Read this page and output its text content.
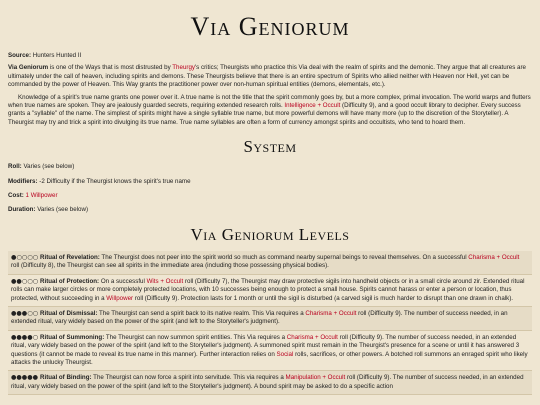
Via Geniorum

Source: Hunters Hunted II

Via Geniorum is one of the Ways that is most distrusted by Theurgy's critics; Theurgists who practice this Via deal with the realm of spirits and the demonic. They argue that all creatures are ultimately under the call of heaven, including spirits and demons. These Theurgists believe that there is an entire spectrum of Spirits who allied neither with Heaven nor Hell, yet can be commanded by the power of Heaven. This Way grants the practitioner power over non-human spiritual entities (demons, elementals, etc.).

Knowledge of a spirit's true name grants one power over it. A true name is not the title that the spirit commonly goes by, but a more complex, primal invocation. The world warps and flutters when true names are spoken. They are jealously guarded secrets, requiring extended research rolls. Intelligence + Occult (Difficulty 9), and a good occult library to decipher. Every success grants a "syllable" of the name. The simplest of spirits might have a single syllable true name, but more powerful demons will have many more (up to the discretion of the Storyteller). A Theurgist may try and trick a spirit into divulging its true name. True name syllables are often a form of currency amongst spirits and occultists, who tend to hoard them.

System

Roll: Varies (see below)

Modifiers: -2 Difficulty if the Theurgist knows the spirit's true name

Cost: 1 Willpower

Duration: Varies (see below)

Via Geniorum Levels
●○○○○ Ritual of Revelation: The Theurgist does not peer into the spirit world so much as command nearby supernal beings to reveal themselves. On a successful Charisma + Occult roll (Difficulty 8), the Theurgist can see all spirits in the immediate area (including those possessing physical bodies).
●●○○○ Ritual of Protection: On a successful Wits + Occult roll (Difficulty 7), the Theurgist may draw protective sigils into handheld objects or in a small circle around zir. Extended ritual rolls can make larger circles or more completely protected locations, with 10 successes being enough to protect a small house. Spirits cannot harass or enter a person or location, thus protected, without succeeding in a Willpower roll (Difficulty 9). Protection lasts for 1 month or until the sigil is disturbed (a carved sigil is much harder to disrupt than one drawn in chalk).
●●●○○ Ritual of Dismissal: The Theurgist can send a spirit back to its native realm. This Via requires a Charisma + Occult roll (Difficulty 9). The number of success needed, in an extended ritual, vary widely based on the power of the spirit (and left to the Storyteller's judgment).
●●●●○ Ritual of Summoning: The Theurgist can now summon spirit entities. This Via requires a Charisma + Occult roll (Difficulty 9). The number of success needed, in an extended ritual, vary widely based on the power of the spirit (and left to the Storyteller's judgment). A summoned spirit must remain in the Theurgist's presence for a scene or until it has answered 3 questions (it cannot be made to reveal its true name in this manner). Further interaction relies on Social rolls, sacrifices, or other powers. A botched roll summons an enraged spirit who likely attacks the unlucky Theurgist.
●●●●● Ritual of Binding: The Theurgist can now force a spirit into servitude. This via requires a Manipulation + Occult roll (Difficulty 9). The number of success needed, in an extended ritual, vary widely based on the power of the spirit (and left to the Storyteller's judgment). A bound spirit may be asked to do a specific action
